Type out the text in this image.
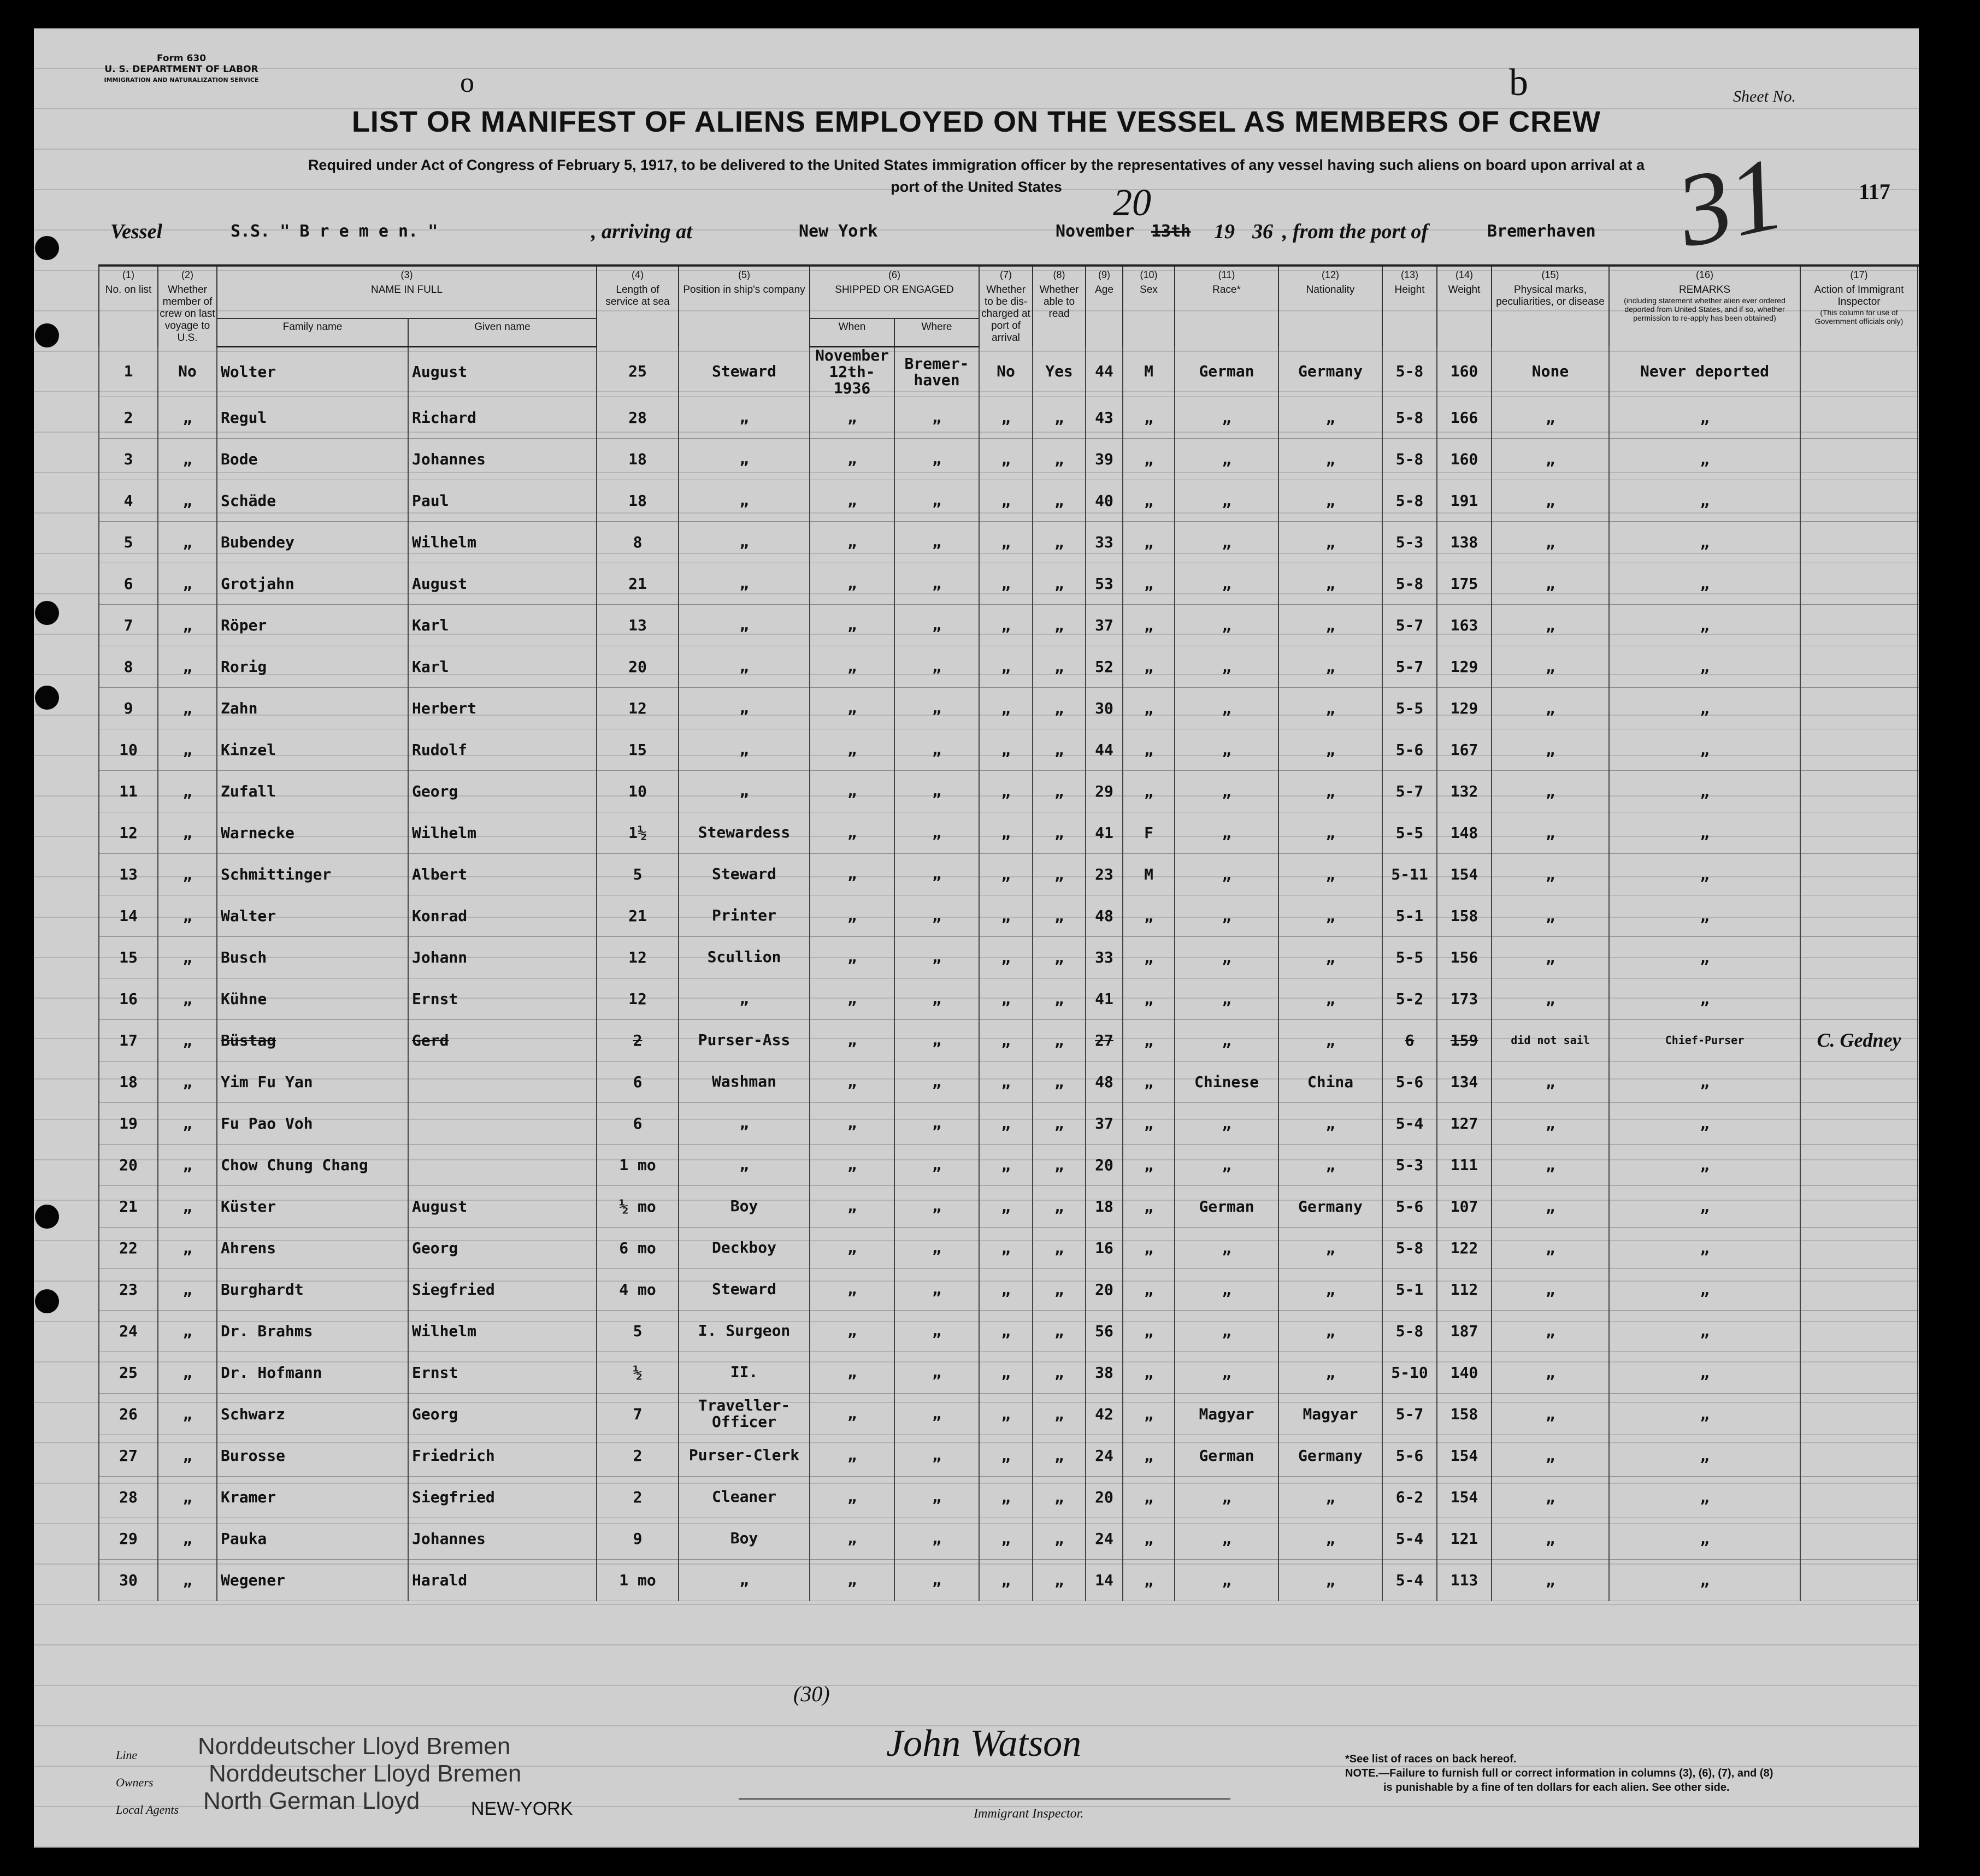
Form 630
U. S. DEPARTMENT OF LABOR
IMMIGRATION AND NATURALIZATION SERVICE	o	b
LIST OR MANIFEST OF ALIENS EMPLOYED ON THE VESSEL AS MEMBERS OF CREW
Required under Act of Congress of February 5, 1917, to be delivered to the United States immigration officer by the representatives of any vessel having such aliens on board upon arrival at a
port of the United States	20
Sheet No.
31	117
Vessel	S.S. " B r e m e n. "	, arriving at	New York	November 13th 19 36 , from the port of	Bremerhaven
(1)
No. on list	(2)
Whether member of crew on last voyage to U.S.	(3)
NAME IN FULL		(4)
Length of service at sea	(5)
Position in ship's company	(6)
SHIPPED OR ENGAGED		(7)
Whether to be dis-charged at port of arrival	(8)
Whether able to read	(9)
Age	(10)
Sex	(11)
Race*	(12)
Nationality	(13)
Height	(14)
Weight	(15)
Physical marks, peculiarities, or disease	(16)
REMARKS
(including statement whether alien ever ordered deported from United States, and if so, whether permission to re-apply has been obtained)	(17)
Action of Immigrant Inspector
(This column for use of Government officials only)	

		Family name	Given name			When	Where												
1	No	Wolter	August	25	Steward	November 12th- 1936	Bremer- haven	No	Yes	44	M	German	Germany	5-8	160	None	Never deported		
2	„	Regul	Richard	28	„	„	„	„	„	43	„	„	„	5-8	166	„	„		
3	„	Bode	Johannes	18	„	„	„	„	„	39	„	„	„	5-8	160	„	„		
4	„	Schäde	Paul	18	„	„	„	„	„	40	„	„	„	5-8	191	„	„		
5	„	Bubendey	Wilhelm	8	„	„	„	„	„	33	„	„	„	5-3	138	„	„		
6	„	Grotjahn	August	21	„	„	„	„	„	53	„	„	„	5-8	175	„	„		
7	„	Röper	Karl	13	„	„	„	„	„	37	„	„	„	5-7	163	„	„		
8	„	Rorig	Karl	20	„	„	„	„	„	52	„	„	„	5-7	129	„	„		
9	„	Zahn	Herbert	12	„	„	„	„	„	30	„	„	„	5-5	129	„	„		
10	„	Kinzel	Rudolf	15	„	„	„	„	„	44	„	„	„	5-6	167	„	„		
11	„	Zufall	Georg	10	„	„	„	„	„	29	„	„	„	5-7	132	„	„		
12	„	Warnecke	Wilhelm	1½	Stewardess	„	„	„	„	41	F	„	„	5-5	148	„	„		
13	„	Schmittinger	Albert	5	Steward	„	„	„	„	23	M	„	„	5-11	154	„	„		
14	„	Walter	Konrad	21	Printer	„	„	„	„	48	„	„	„	5-1	158	„	„		
15	„	Busch	Johann	12	Scullion	„	„	„	„	33	„	„	„	5-5	156	„	„		
16	„	Kühne	Ernst	12	„	„	„	„	„	41	„	„	„	5-2	173	„	„		
17	„	Büstag	Gerd	2	Purser-Ass	„	„	„	„	27	„	„	„	6	159	did not sail	Chief-Purser	C. Gedney	
18	„	Yim Fu Yan		6	Washman	„	„	„	„	48	„	Chinese	China	5-6	134	„	„		
19	„	Fu Pao Voh		6	„	„	„	„	„	37	„	„	„	5-4	127	„	„		
20	„	Chow Chung Chang		1 mo	„	„	„	„	„	20	„	„	„	5-3	111	„	„		
21	„	Küster	August	½ mo	Boy	„	„	„	„	18	„	German	Germany	5-6	107	„	„		
22	„	Ahrens	Georg	6 mo	Deckboy	„	„	„	„	16	„	„	„	5-8	122	„	„		
23	„	Burghardt	Siegfried	4 mo	Steward	„	„	„	„	20	„	„	„	5-1	112	„	„		
24	„	Dr. Brahms	Wilhelm	5	I. Surgeon	„	„	„	„	56	„	„	„	5-8	187	„	„		
25	„	Dr. Hofmann	Ernst	½	II.	„	„	„	„	38	„	„	„	5-10	140	„	„		
26	„	Schwarz	Georg	7	Traveller- Officer	„	„	„	„	42	„	Magyar	Magyar	5-7	158	„	„		
27	„	Burosse	Friedrich	2	Purser-Clerk	„	„	„	„	24	„	German	Germany	5-6	154	„	„		
28	„	Kramer	Siegfried	2	Cleaner	„	„	„	„	20	„	„	„	6-2	154	„	„		
29	„	Pauka	Johannes	9	Boy	„	„	„	„	24	„	„	„	5-4	121	„	„		
30	„	Wegener	Harald	1 mo	„	„	„	„	„	14	„	„	„	5-4	113	„	„		
(30)
Line	Norddeutscher Lloyd Bremen
Owners Norddeutscher Lloyd Bremen
Local Agents North German Lloyd	NEW-YORK
John Watson
Immigrant Inspector.
*See list of races on back hereof.
NOTE.—Failure to furnish full or correct information in columns (3), (6), (7), and (8)
is punishable by a fine of ten dollars for each alien. See other side.
